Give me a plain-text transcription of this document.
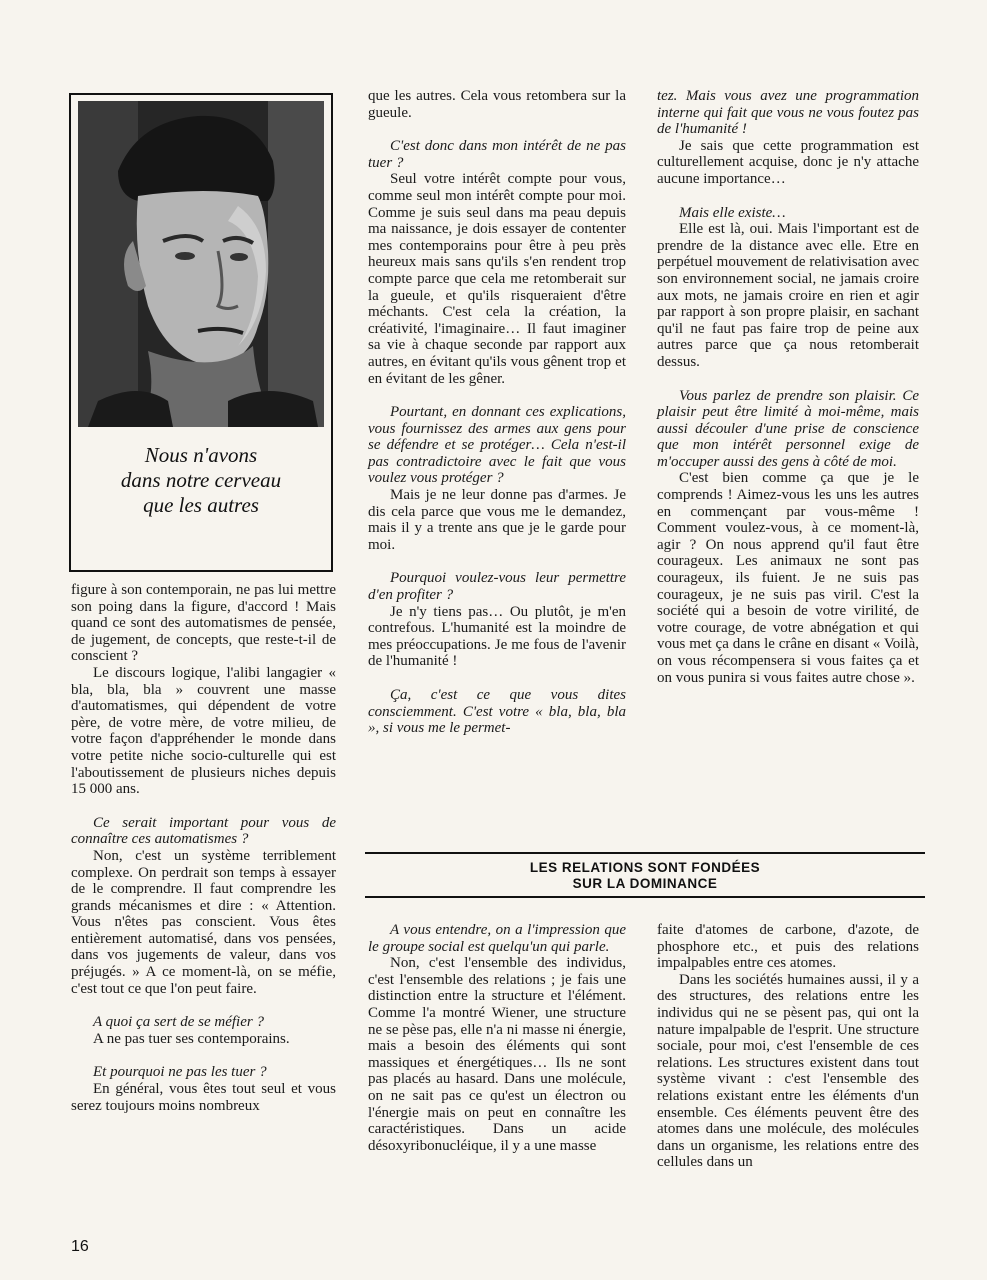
Nous n'avons
dans notre cerveau
que les autres

figure à son contemporain, ne pas lui mettre son poing dans la figure, d'accord ! Mais quand ce sont des automatismes de pensée, de jugement, de concepts, que reste-t-il de conscient ?

Le discours logique, l'alibi langagier « bla, bla, bla » couvrent une masse d'automatismes, qui dépendent de votre père, de votre mère, de votre milieu, de votre façon d'appréhender le monde dans votre petite niche socio-culturelle qui est l'aboutissement de plusieurs niches depuis 15 000 ans.

Ce serait important pour vous de connaître ces automatismes ?

Non, c'est un système terriblement complexe. On perdrait son temps à essayer de le comprendre. Il faut comprendre les grands mécanismes et dire : « Attention. Vous n'êtes pas conscient. Vous êtes entièrement automatisé, dans vos pensées, dans vos jugements de valeur, dans vos préjugés. » A ce moment-là, on se méfie, c'est tout ce que l'on peut faire.

A quoi ça sert de se méfier ?

A ne pas tuer ses contemporains.

Et pourquoi ne pas les tuer ?

En général, vous êtes tout seul et vous serez toujours moins nombreux

que les autres. Cela vous retombera sur la gueule.

C'est donc dans mon intérêt de ne pas tuer ?

Seul votre intérêt compte pour vous, comme seul mon intérêt compte pour moi. Comme je suis seul dans ma peau depuis ma naissance, je dois essayer de contenter mes contemporains pour être à peu près heureux mais sans qu'ils s'en rendent trop compte parce que cela me retomberait sur la gueule, et qu'ils risqueraient d'être méchants. C'est cela la création, la créativité, l'imaginaire… Il faut imaginer sa vie à chaque seconde par rapport aux autres, en évitant qu'ils vous gênent trop et en évitant de les gêner.

Pourtant, en donnant ces explications, vous fournissez des armes aux gens pour se défendre et se protéger… Cela n'est-il pas contradictoire avec le fait que vous voulez vous protéger ?

Mais je ne leur donne pas d'armes. Je dis cela parce que vous me le demandez, mais il y a trente ans que je le garde pour moi.

Pourquoi voulez-vous leur permettre d'en profiter ?

Je n'y tiens pas… Ou plutôt, je m'en contrefous. L'humanité est la moindre de mes préoccupations. Je me fous de l'avenir de l'humanité !

Ça, c'est ce que vous dites consciemment. C'est votre « bla, bla, bla », si vous me le permet-

tez. Mais vous avez une programmation interne qui fait que vous ne vous foutez pas de l'humanité !

Je sais que cette programmation est culturellement acquise, donc je n'y attache aucune importance…

Mais elle existe…

Elle est là, oui. Mais l'important est de prendre de la distance avec elle. Etre en perpétuel mouvement de relativisation avec son environnement social, ne jamais croire aux mots, ne jamais croire en rien et agir par rapport à son propre plaisir, en sachant qu'il ne faut pas faire trop de peine aux autres parce que ça nous retomberait dessus.

Vous parlez de prendre son plaisir. Ce plaisir peut être limité à moi-même, mais aussi découler d'une prise de conscience que mon intérêt personnel exige de m'occuper aussi des gens à côté de moi.

C'est bien comme ça que je le comprends ! Aimez-vous les uns les autres en commençant par vous-même ! Comment voulez-vous, à ce moment-là, agir ? On nous apprend qu'il faut être courageux. Les animaux ne sont pas courageux, ils fuient. Je ne suis pas courageux, je ne suis pas viril. C'est la société qui a besoin de votre virilité, de votre courage, de votre abnégation et qui vous met ça dans le crâne en disant « Voilà, on vous récompensera si vous faites ça et on vous punira si vous faites autre chose ».

LES RELATIONS SONT FONDÉES
SUR LA DOMINANCE

A vous entendre, on a l'impression que le groupe social est quelqu'un qui parle.

Non, c'est l'ensemble des individus, c'est l'ensemble des relations ; je fais une distinction entre la structure et l'élément. Comme l'a montré Wiener, une structure ne se pèse pas, elle n'a ni masse ni énergie, mais a besoin des éléments qui sont massiques et énergétiques… Ils ne sont pas placés au hasard. Dans une molécule, on ne sait pas ce qu'est un électron ou l'énergie mais on peut en connaître les caractéristiques. Dans un acide désoxyribonucléique, il y a une masse

faite d'atomes de carbone, d'azote, de phosphore etc., et puis des relations impalpables entre ces atomes.

Dans les sociétés humaines aussi, il y a des structures, des relations entre les individus qui ne se pèsent pas, qui ont la nature impalpable de l'esprit. Une structure sociale, pour moi, c'est l'ensemble de ces relations. Les structures existent dans tout système vivant : c'est l'ensemble des relations existant entre les éléments d'un ensemble. Ces éléments peuvent être des atomes dans une molécule, des molécules dans un organisme, les relations entre des cellules dans un

16
